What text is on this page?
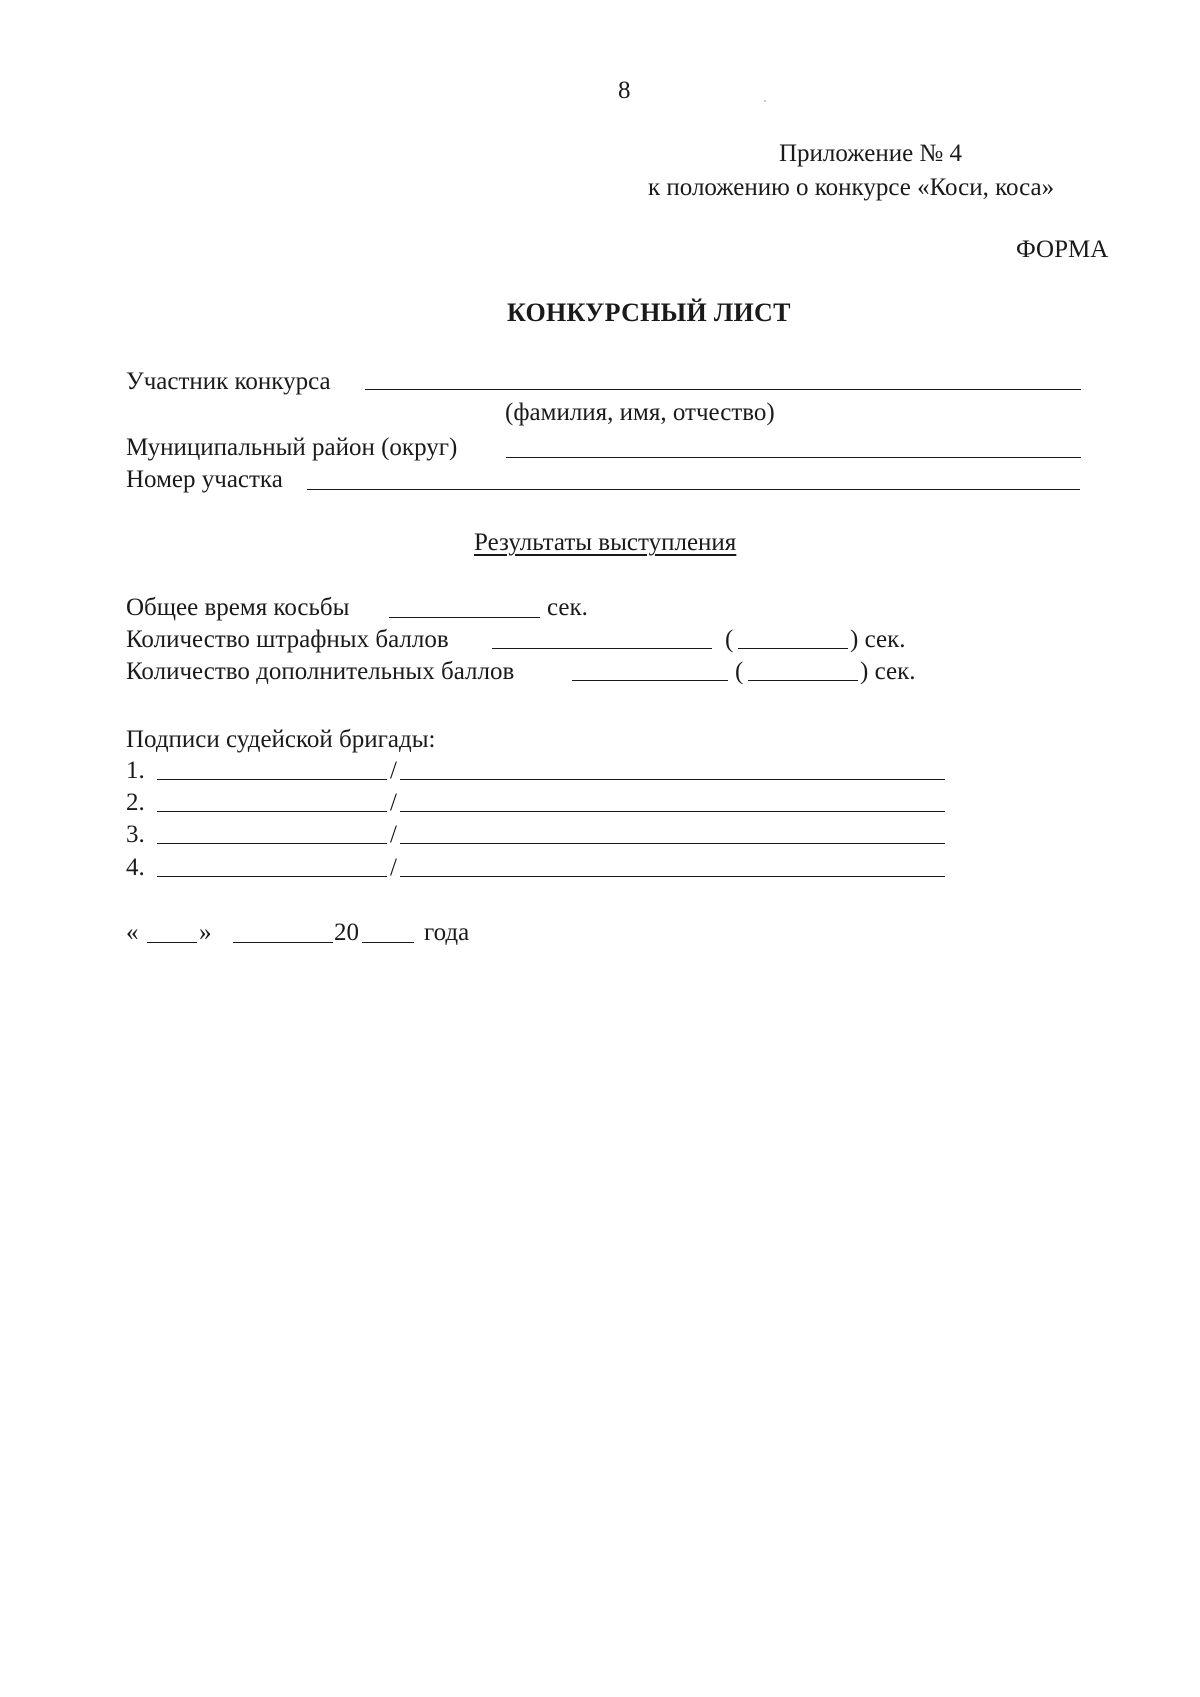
8
Приложение № 4
к положению о конкурсе «Коси, коса»
ФОРМА
КОНКУРСНЫЙ ЛИСТ
Участник конкурса
(фамилия, имя, отчество)
Муниципальный район (округ)
Номер участка
Результаты выступления
Общее время косьбы	сек.
Количество штрафных баллов	(	) сек.
Количество дополнительных баллов	(	) сек.
Подписи судейской бригады:
1.	/
2.	/
3.	/
4.	/
« »	20	года
